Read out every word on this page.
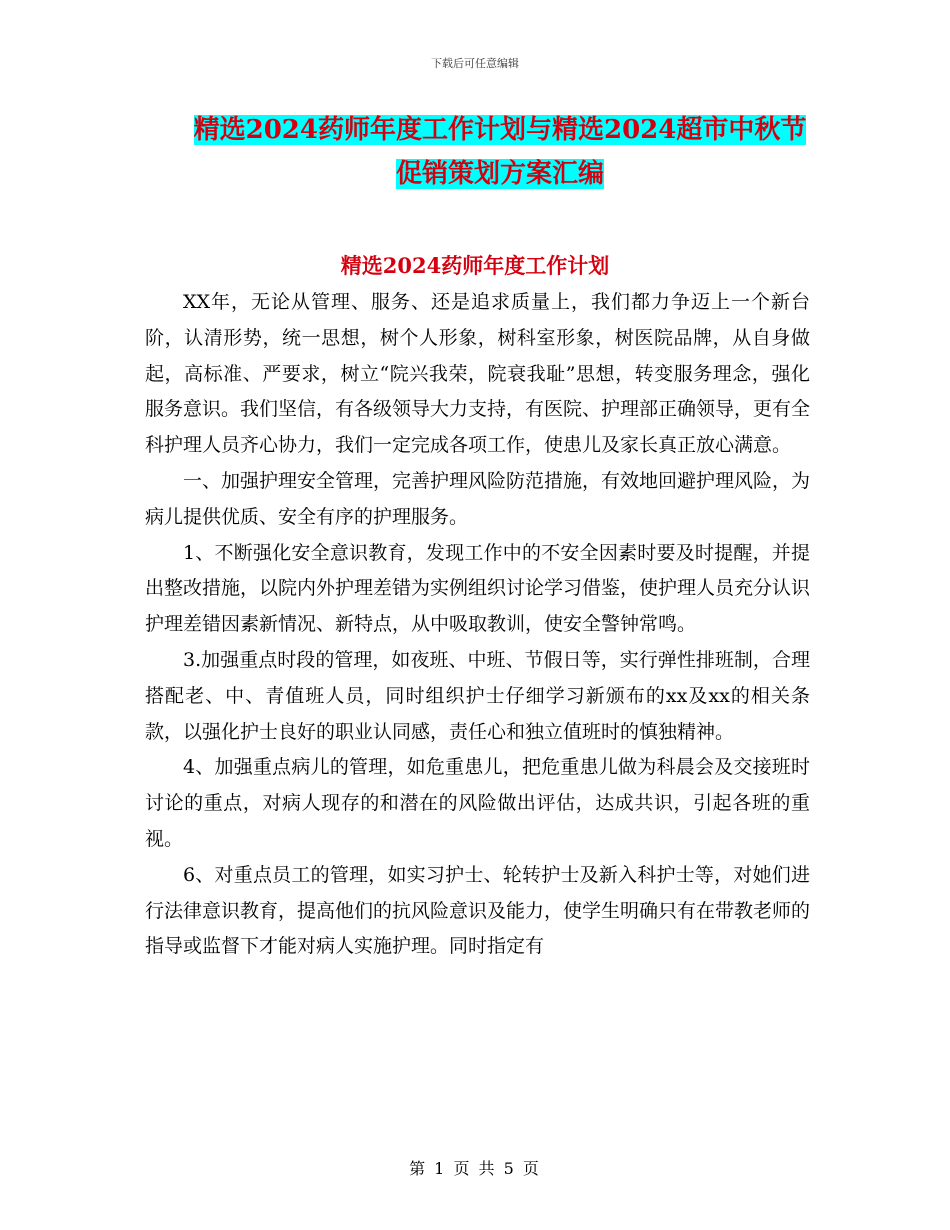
下载后可任意编辑
精选2024药师年度工作计划与精选2024超市中秋节
促销策划方案汇编
精选2024药师年度工作计划

XX年，无论从管理、服务、还是追求质量上，我们都力争迈上一个新台阶，认清形势，统一思想，树个人形象，树科室形象，树医院品牌，从自身做起，高标准、严要求，树立“院兴我荣，院衰我耻”思想，转变服务理念，强化服务意识。我们坚信，有各级领导大力支持，有医院、护理部正确领导，更有全科护理人员齐心协力，我们一定完成各项工作，使患儿及家长真正放心满意。

一、加强护理安全管理，完善护理风险防范措施，有效地回避护理风险，为病儿提供优质、安全有序的护理服务。

1、不断强化安全意识教育，发现工作中的不安全因素时要及时提醒，并提出整改措施，以院内外护理差错为实例组织讨论学习借鉴，使护理人员充分认识护理差错因素新情况、新特点，从中吸取教训，使安全警钟常鸣。

3.加强重点时段的管理，如夜班、中班、节假日等，实行弹性排班制，合理搭配老、中、青值班人员，同时组织护士仔细学习新颁布的xx及xx的相关条款，以强化护士良好的职业认同感，责任心和独立值班时的慎独精神。

4、加强重点病儿的管理，如危重患儿，把危重患儿做为科晨会及交接班时讨论的重点，对病人现存的和潜在的风险做出评估，达成共识，引起各班的重视。

6、对重点员工的管理，如实习护士、轮转护士及新入科护士等，对她们进行法律意识教育，提高他们的抗风险意识及能力，使学生明确只有在带教老师的指导或监督下才能对病人实施护理。同时指定有

第 1 页 共 5 页
